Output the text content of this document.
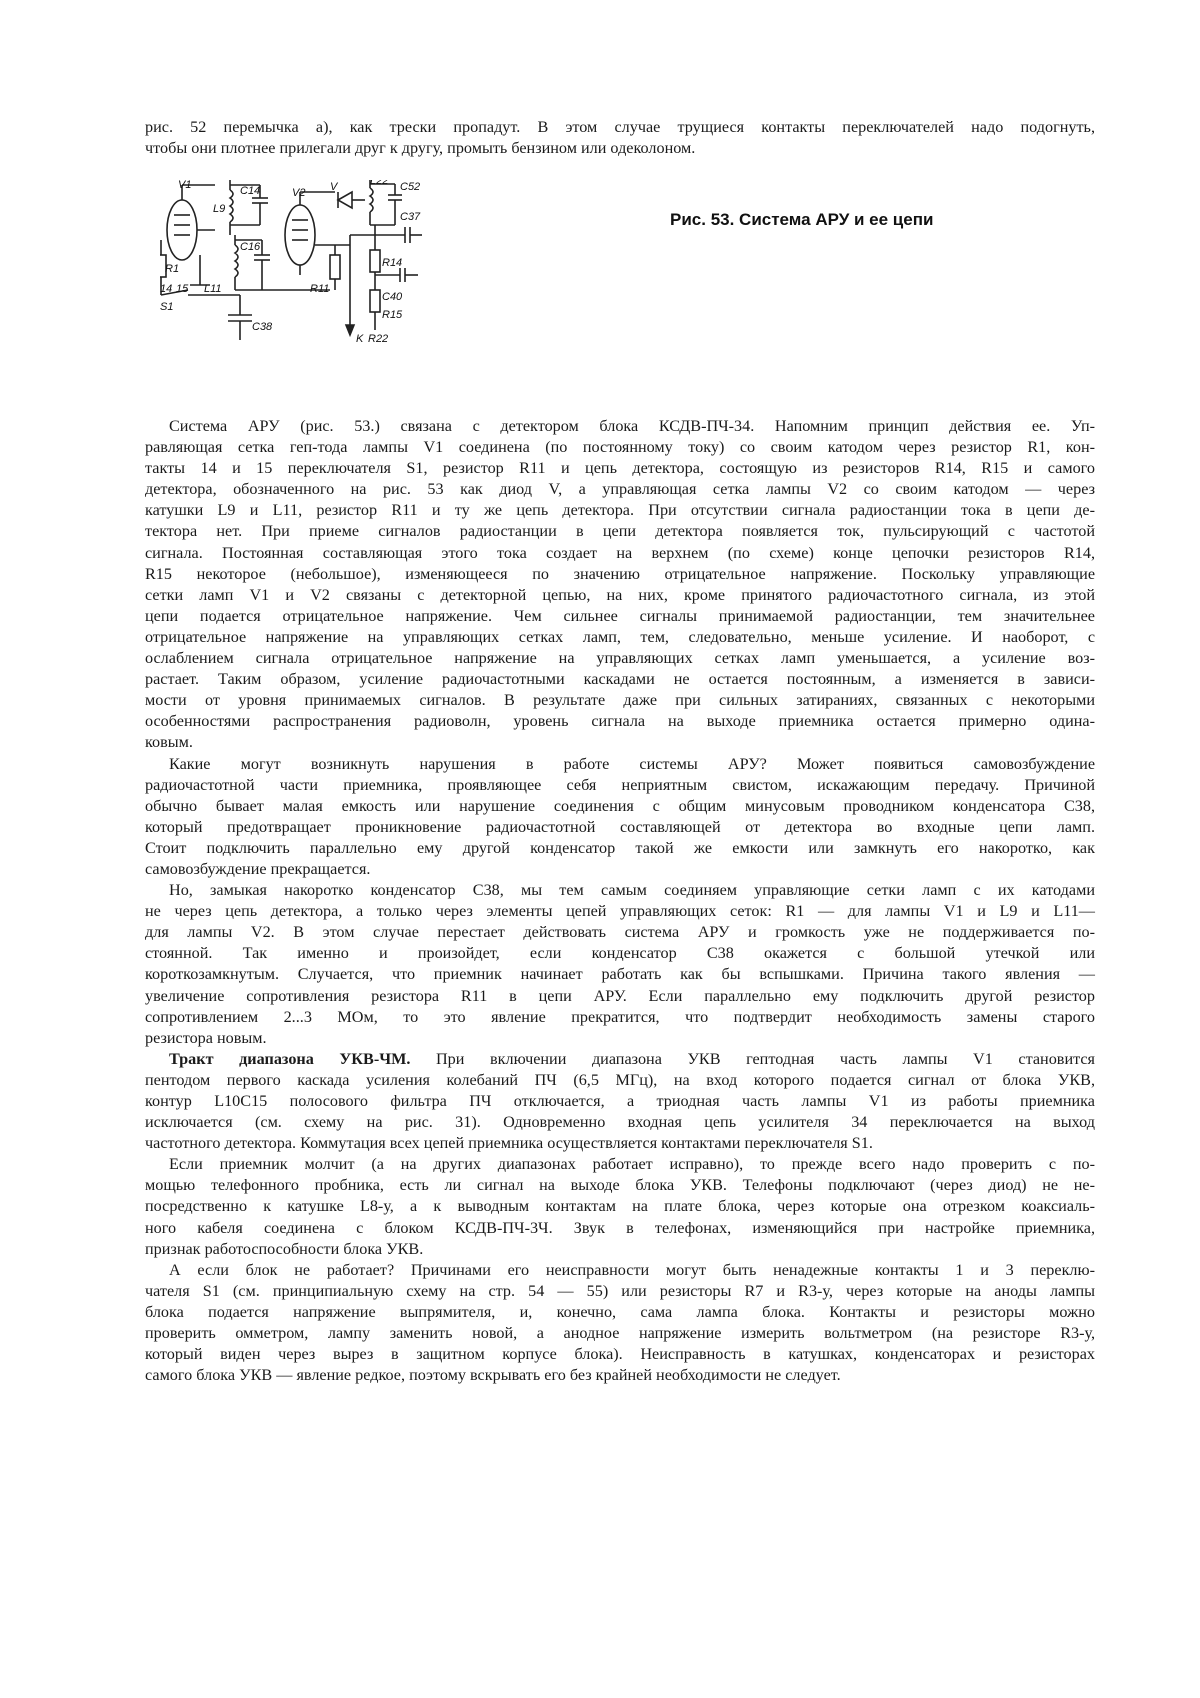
рис. 52 перемычка а), как трески пропадут. В этом случае трущиеся контакты переключателей надо подогнуть,
чтобы они плотнее прилегали друг к другу, промыть бензином или одеколоном.
V1
L9
C14	V2 V	L22 C52
C37
C16
R1
L11	R11
R14
C40
R15
C38
S1
14 15
K R22
Рис. 53. Система АРУ и ее цепи
Система АРУ (рис. 53.) связана с детектором блока КСДВ-ПЧ-34. Напомним принцип действия ее. Уп-
равляющая сетка геп-тода лампы V1 соединена (по постоянному току) со своим катодом через резистор R1, кон-
такты 14 и 15 переключателя S1, резистор R11 и цепь детектора, состоящую из резисторов R14, R15 и самого
детектора, обозначенного на рис. 53 как диод V, а управляющая сетка лампы V2 со своим катодом — через
катушки L9 и L11, резистор R11 и ту же цепь детектора. При отсутствии сигнала радиостанции тока в цепи де-
тектора нет. При приеме сигналов радиостанции в цепи детектора появляется ток, пульсирующий с частотой
сигнала. Постоянная составляющая этого тока создает на верхнем (по схеме) конце цепочки резисторов R14,
R15 некоторое (небольшое), изменяющееся по значению отрицательное напряжение. Поскольку управляющие
сетки ламп V1 и V2 связаны с детекторной цепью, на них, кроме принятого радиочастотного сигнала, из этой
цепи подается отрицательное напряжение. Чем сильнее сигналы принимаемой радиостанции, тем значительнее
отрицательное напряжение на управляющих сетках ламп, тем, следовательно, меньше усиление. И наоборот, с
ослаблением сигнала отрицательное напряжение на управляющих сетках ламп уменьшается, а усиление воз-
растает. Таким образом, усиление радиочастотными каскадами не остается постоянным, а изменяется в зависи-
мости от уровня принимаемых сигналов. В результате даже при сильных затираниях, связанных с некоторыми
особенностями распространения радиоволн, уровень сигнала на выходе приемника остается примерно одина-
ковым.
Какие могут возникнуть нарушения в работе системы АРУ? Может появиться самовозбуждение
радиочастотной части приемника, проявляющее себя неприятным свистом, искажающим передачу. Причиной
обычно бывает малая емкость или нарушение соединения с общим минусовым проводником конденсатора С38,
который предотвращает проникновение радиочастотной составляющей от детектора во входные цепи ламп.
Стоит подключить параллельно ему другой конденсатор такой же емкости или замкнуть его накоротко, как
самовозбуждение прекращается.
Но, замыкая накоротко конденсатор С38, мы тем самым соединяем управляющие сетки ламп с их катодами
не через цепь детектора, а только через элементы цепей управляющих сеток: R1 — для лампы V1 и L9 и L11—
для лампы V2. В этом случае перестает действовать система АРУ и громкость уже не поддерживается по-
стоянной. Так именно и произойдет, если конденсатор С38 окажется с большой утечкой или
короткозамкнутым. Случается, что приемник начинает работать как бы вспышками. Причина такого явления —
увеличение сопротивления резистора R11 в цепи АРУ. Если параллельно ему подключить другой резистор
сопротивлением 2...3 МОм, то это явление прекратится, что подтвердит необходимость замены старого
резистора новым.
Тракт диапазона УКВ-ЧМ. При включении диапазона УКВ гептодная часть лампы V1 становится
пентодом первого каскада усиления колебаний ПЧ (6,5 МГц), на вход которого подается сигнал от блока УКВ,
контур L10С15 полосового фильтра ПЧ отключается, а триодная часть лампы V1 из работы приемника
исключается (см. схему на рис. 31). Одновременно входная цепь усилителя 34 переключается на выход
частотного детектора. Коммутация всех цепей приемника осуществляется контактами переключателя S1.
Если приемник молчит (а на других диапазонах работает исправно), то прежде всего надо проверить с по-
мощью телефонного пробника, есть ли сигнал на выходе блока УКВ. Телефоны подключают (через диод) не не-
посредственно к катушке L8-у, а к выводным контактам на плате блока, через которые она отрезком коаксиаль-
ного кабеля соединена с блоком КСДВ-ПЧ-3Ч. Звук в телефонах, изменяющийся при настройке приемника,
признак работоспособности блока УКВ.
А если блок не работает? Причинами его неисправности могут быть ненадежные контакты 1 и 3 переклю-
чателя S1 (см. принципиальную схему на стр. 54 — 55) или резисторы R7 и R3-у, через которые на аноды лампы
блока подается напряжение выпрямителя, и, конечно, сама лампа блока. Контакты и резисторы можно
проверить омметром, лампу заменить новой, а анодное напряжение измерить вольтметром (на резисторе R3-у,
который виден через вырез в защитном корпусе блока). Неисправность в катушках, конденсаторах и резисторах
самого блока УКВ — явление редкое, поэтому вскрывать его без крайней необходимости не следует.
